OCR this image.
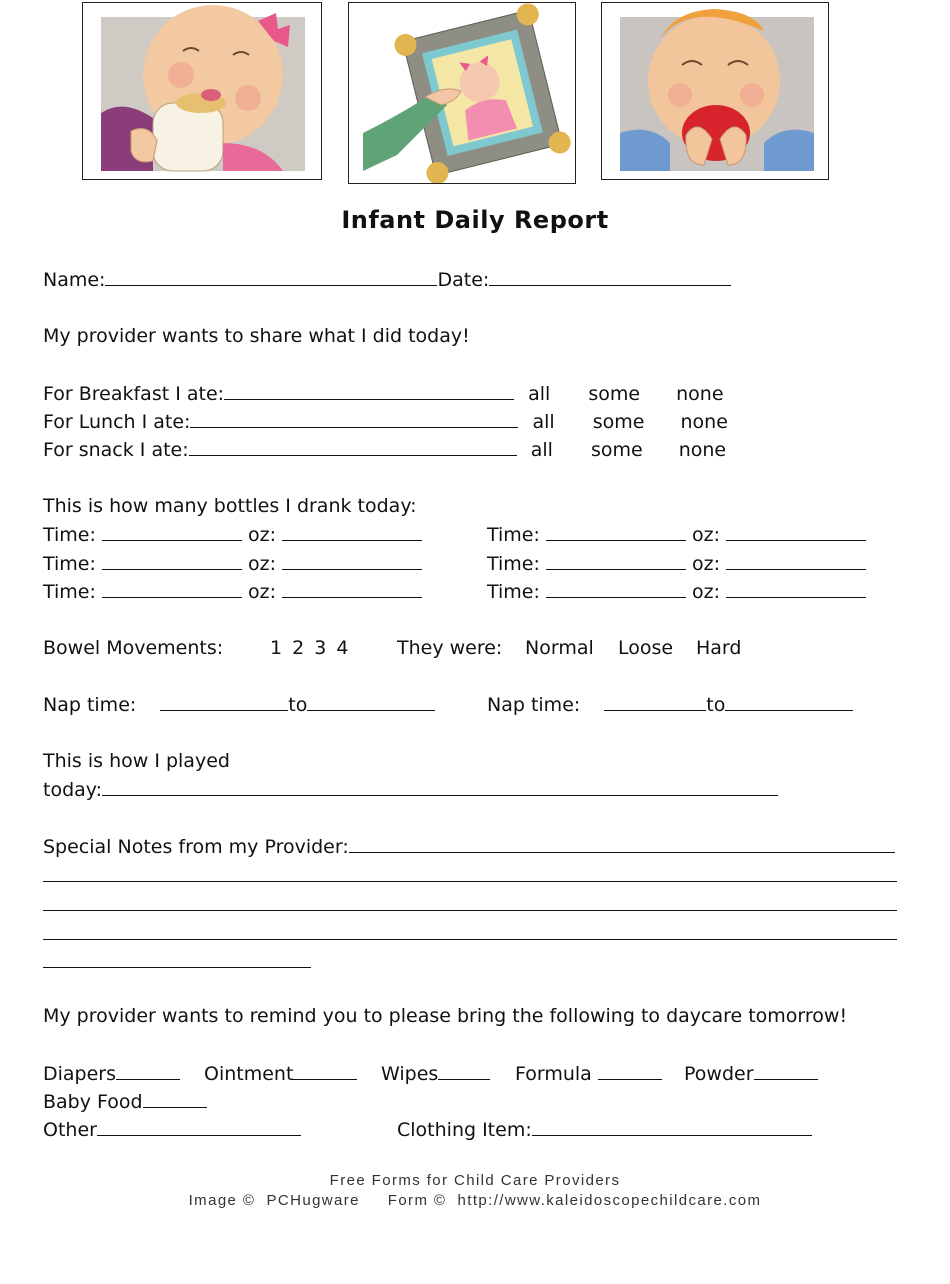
Infant Daily Report
Name:	Date:
My provider wants to share what I did today!
For Breakfast I ate:	all some none
For Lunch I ate:	all some none
For snack I ate:	all some none
This is how many bottles I drank today:
Time:	oz:	Time:	oz:
Time:	oz:	Time:	oz:
Time:	oz:	Time:	oz:
Bowel Movements: 1 2 3 4	They were: Normal Loose Hard
Nap time:	to	Nap time:	to
This is how I played
today:
Special Notes from my Provider:
My provider wants to remind you to please bring the following to daycare tomorrow!
Diapers	Ointment	Wipes	Formula	Powder
Baby Food
Other	Clothing Item:
Free Forms for Child Care Providers
Image ©  PCHugware     Form ©  http://www.kaleidoscopechildcare.com
